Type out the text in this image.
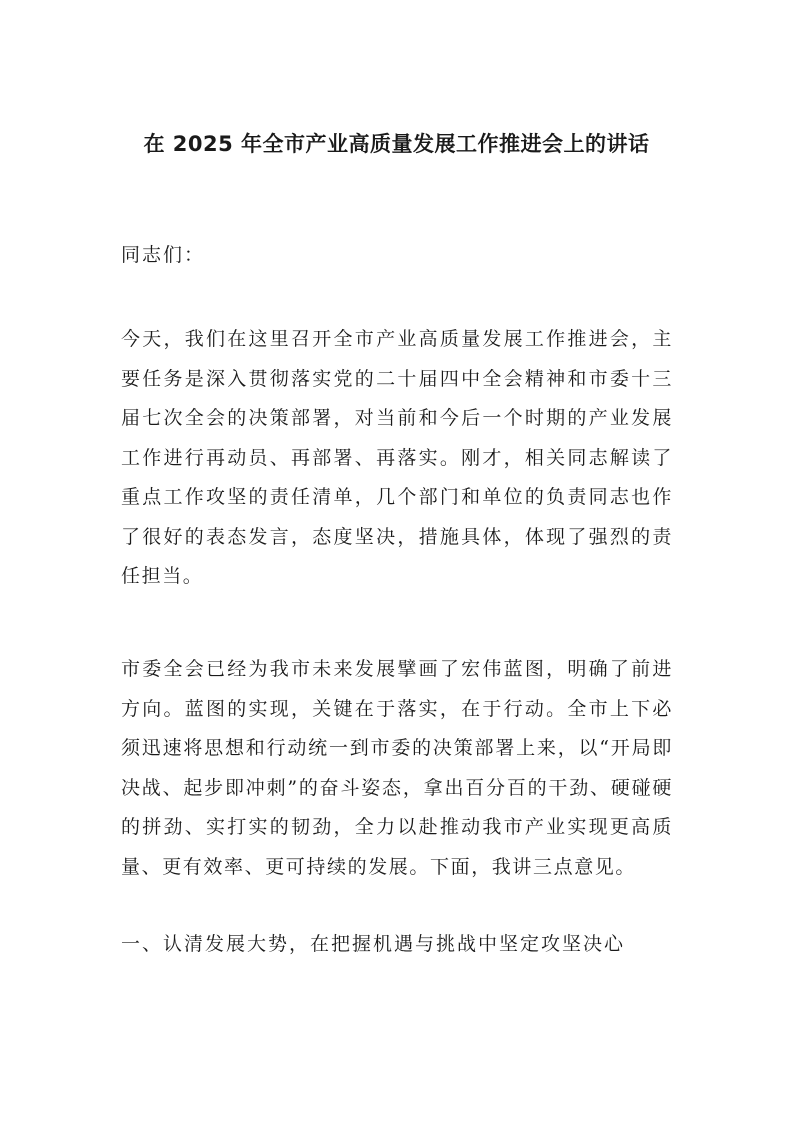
在 2025 年全市产业高质量发展工作推进会上的讲话

同志们：

今天，我们在这里召开全市产业高质量发展工作推进会，主要任务是深入贯彻落实党的二十届四中全会精神和市委十三届七次全会的决策部署，对当前和今后一个时期的产业发展工作进行再动员、再部署、再落实。刚才，相关同志解读了重点工作攻坚的责任清单，几个部门和单位的负责同志也作了很好的表态发言，态度坚决，措施具体，体现了强烈的责任担当。

市委全会已经为我市未来发展擘画了宏伟蓝图，明确了前进方向。蓝图的实现，关键在于落实，在于行动。全市上下必须迅速将思想和行动统一到市委的决策部署上来，以“开局即决战、起步即冲刺”的奋斗姿态，拿出百分百的干劲、硬碰硬的拼劲、实打实的韧劲，全力以赴推动我市产业实现更高质量、更有效率、更可持续的发展。下面，我讲三点意见。

一、认清发展大势，在把握机遇与挑战中坚定攻坚决心
